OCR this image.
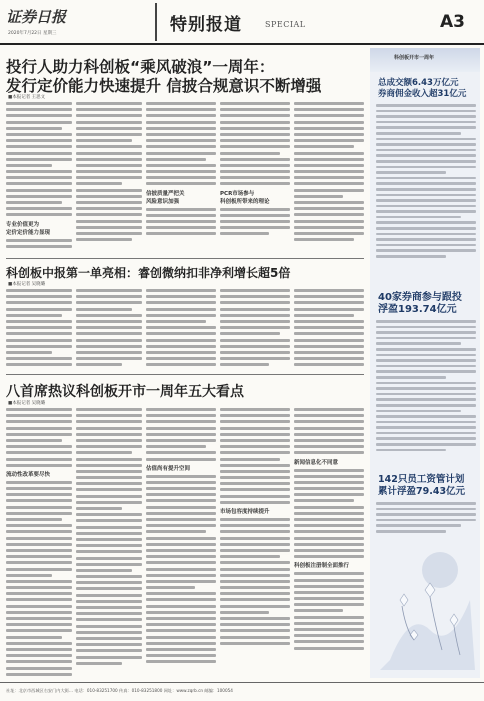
证券日报
2020年7月22日 星期三	特别报道	SPECIAL	A3
投行人助力科创板“乘风破浪”一周年：
发行定价能力快速提升 信披合规意识不断增强
■本报记者 王思文
专业价值更为
定价定价能力显现
信披质量严把关
风险意识加强
PCR市场参与
科创板所带来的理论
科创板中报第一单亮相：睿创微纳扣非净利增长超5倍
■本报记者 吴晓璐
八首席热议科创板开市一周年五大看点
■本报记者 吴晓璐
流动性改革要尽快
估值尚有提升空间
市场包容度持续提升
新闻信息化不同意
科创板注册制全面推行
科创板开市一周年
总成交额6.43万亿元
券商佣金收入超31亿元
40家券商参与跟投
浮盈193.74亿元
142只员工资管计划
累计浮盈79.43亿元
社址：北京市西城区右安门内大街… 电话：010-83251700 传真：010-83251800 网址：www.zqrb.cn 邮编：100054
